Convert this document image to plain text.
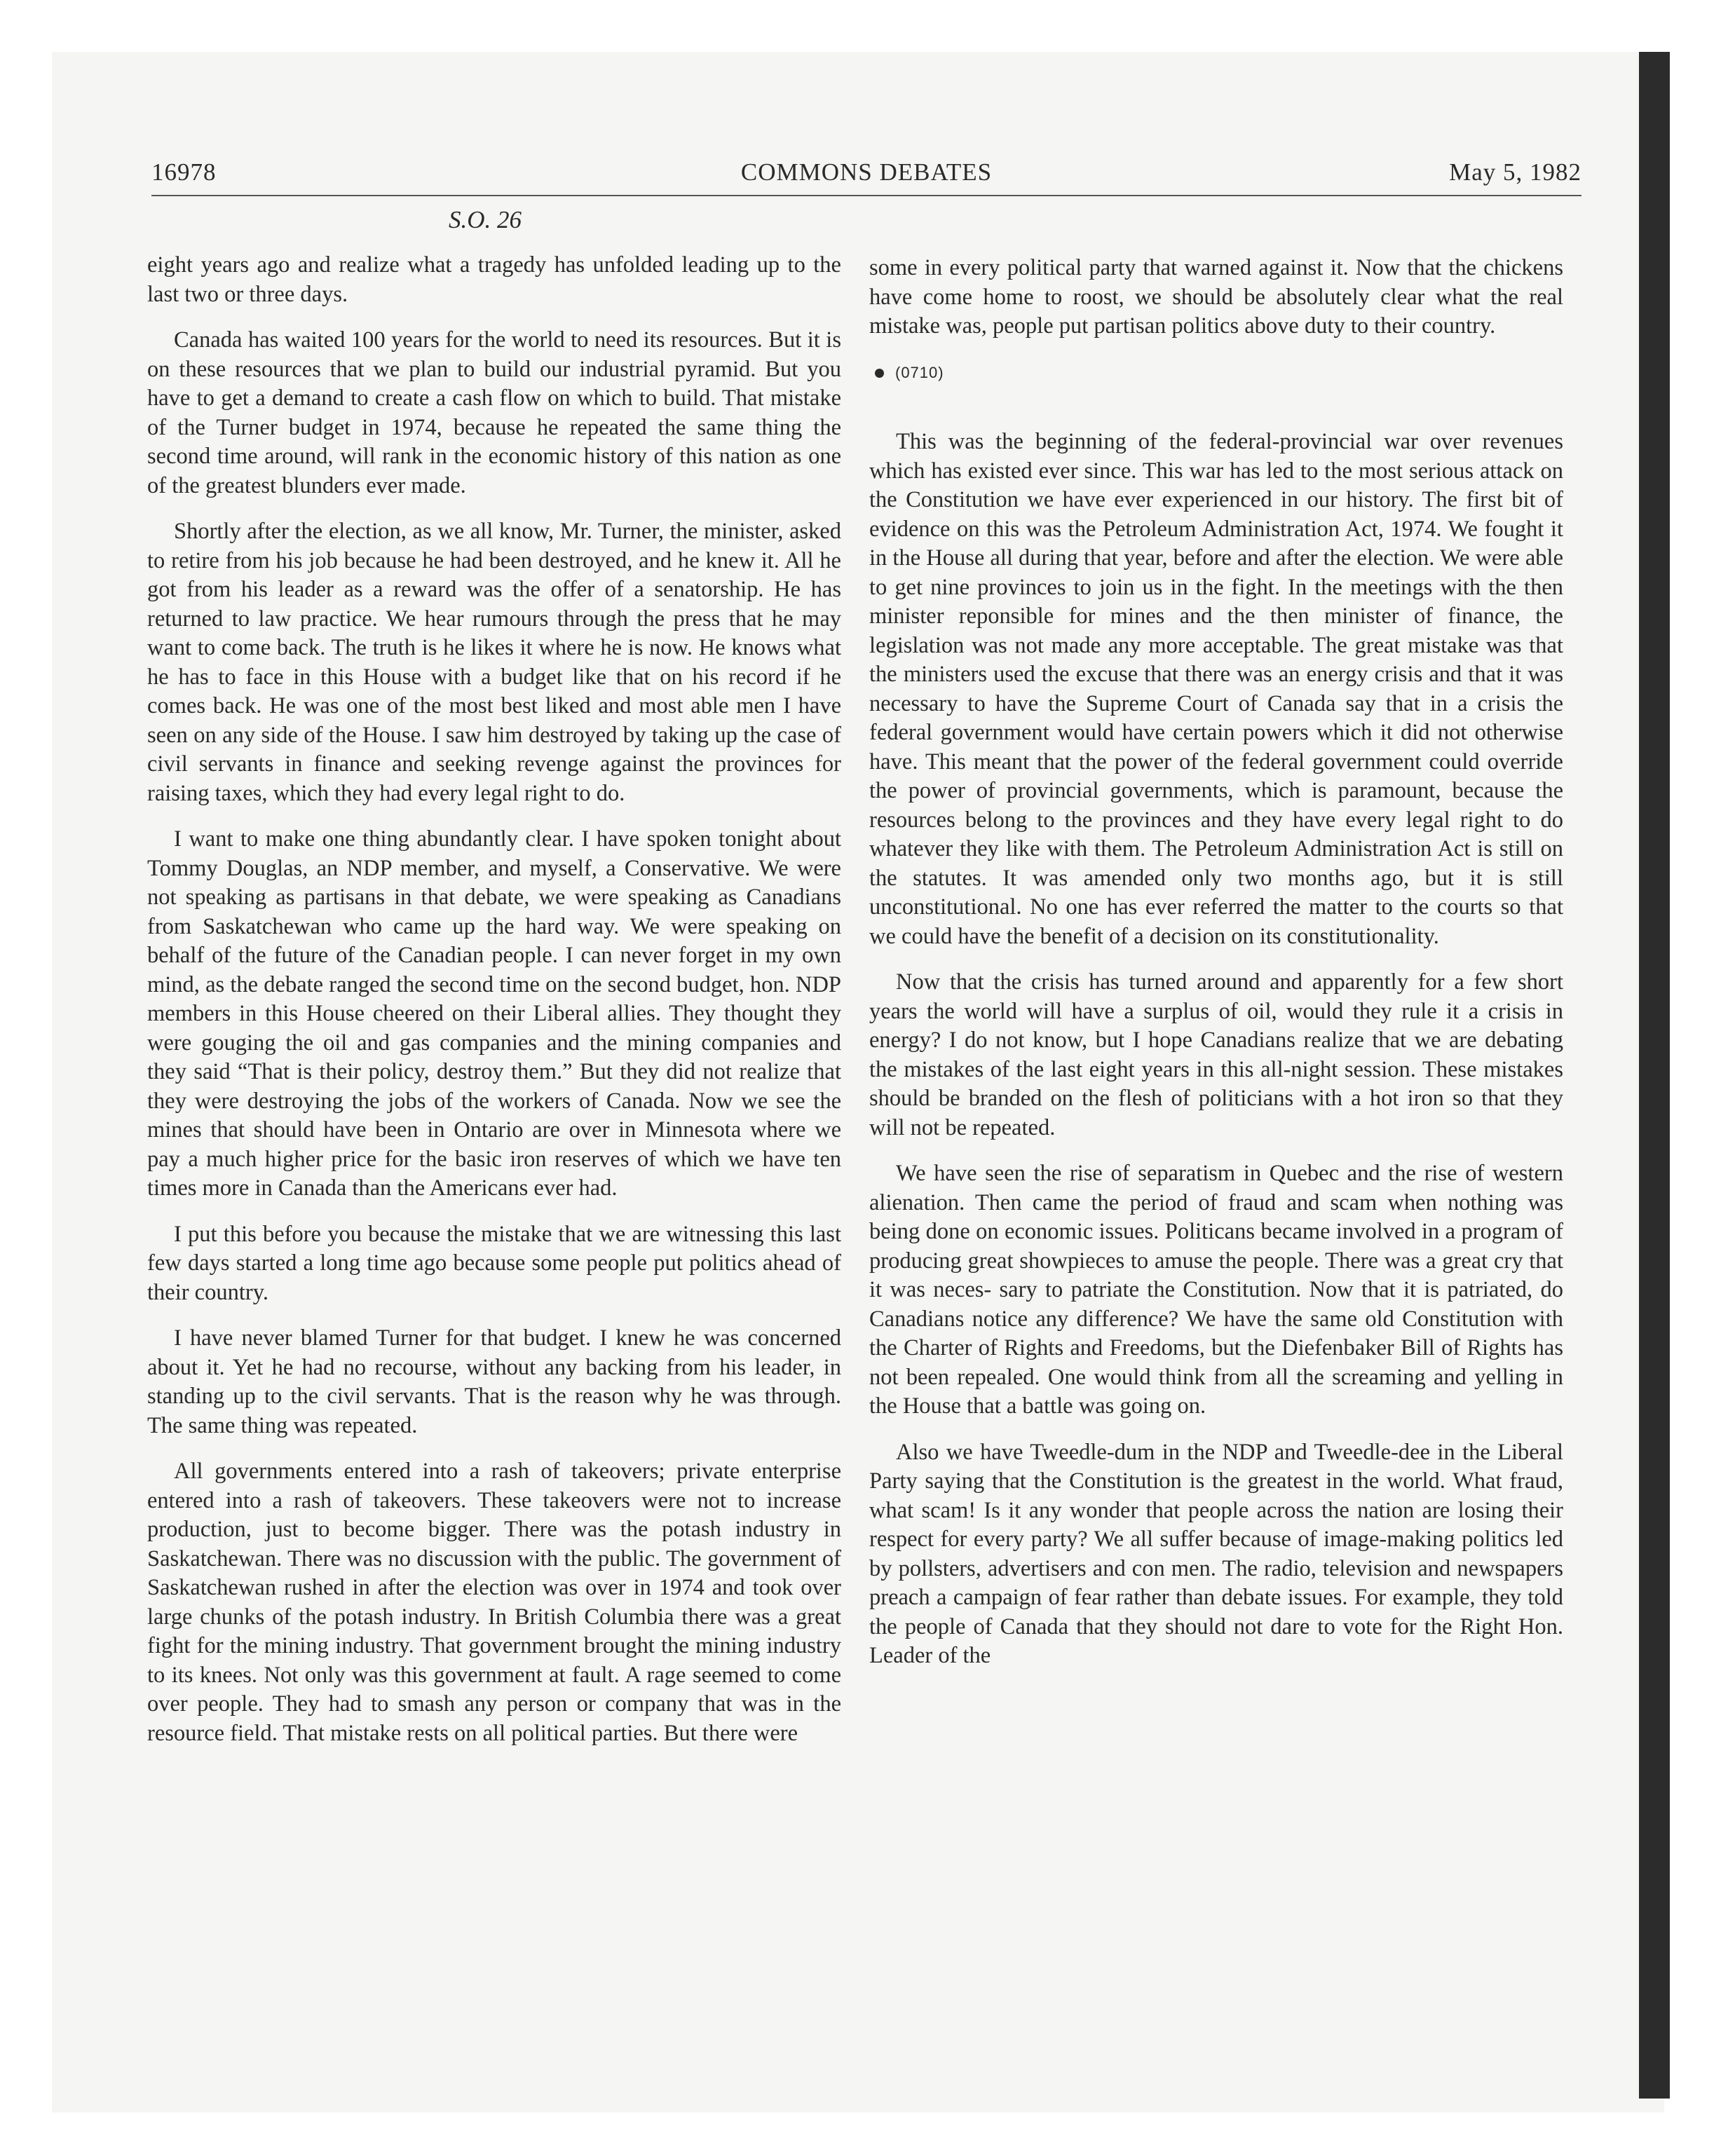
16978	COMMONS DEBATES	May 5, 1982
S.O. 26

eight years ago and realize what a tragedy has unfolded leading up to the last two or three days.

Canada has waited 100 years for the world to need its resources. But it is on these resources that we plan to build our industrial pyramid. But you have to get a demand to create a cash flow on which to build. That mistake of the Turner budget in 1974, because he repeated the same thing the second time around, will rank in the economic history of this nation as one of the greatest blunders ever made.

Shortly after the election, as we all know, Mr. Turner, the minister, asked to retire from his job because he had been destroyed, and he knew it. All he got from his leader as a reward was the offer of a senatorship. He has returned to law practice. We hear rumours through the press that he may want to come back. The truth is he likes it where he is now. He knows what he has to face in this House with a budget like that on his record if he comes back. He was one of the most best liked and most able men I have seen on any side of the House. I saw him destroyed by taking up the case of civil servants in finance and seeking revenge against the provinces for raising taxes, which they had every legal right to do.

I want to make one thing abundantly clear. I have spoken tonight about Tommy Douglas, an NDP member, and myself, a Conservative. We were not speaking as partisans in that debate, we were speaking as Canadians from Saskatchewan who came up the hard way. We were speaking on behalf of the future of the Canadian people. I can never forget in my own mind, as the debate ranged the second time on the second budget, hon. NDP members in this House cheered on their Liberal allies. They thought they were gouging the oil and gas companies and the mining companies and they said “That is their policy, destroy them.” But they did not realize that they were destroying the jobs of the workers of Canada. Now we see the mines that should have been in Ontario are over in Minnesota where we pay a much higher price for the basic iron reserves of which we have ten times more in Canada than the Americans ever had.

I put this before you because the mistake that we are witnessing this last few days started a long time ago because some people put politics ahead of their country.

I have never blamed Turner for that budget. I knew he was concerned about it. Yet he had no recourse, without any backing from his leader, in standing up to the civil servants. That is the reason why he was through. The same thing was repeated.

All governments entered into a rash of takeovers; private enterprise entered into a rash of takeovers. These takeovers were not to increase production, just to become bigger. There was the potash industry in Saskatchewan. There was no discussion with the public. The government of Saskatchewan rushed in after the election was over in 1974 and took over large chunks of the potash industry. In British Columbia there was a great fight for the mining industry. That government brought the mining industry to its knees. Not only was this government at fault. A rage seemed to come over people. They had to smash any person or company that was in the resource field. That mistake rests on all political parties. But there were

some in every political party that warned against it. Now that the chickens have come home to roost, we should be absolutely clear what the real mistake was, people put partisan politics above duty to their country.

(0710)

This was the beginning of the federal-provincial war over revenues which has existed ever since. This war has led to the most serious attack on the Constitution we have ever experienced in our history. The first bit of evidence on this was the Petroleum Administration Act, 1974. We fought it in the House all during that year, before and after the election. We were able to get nine provinces to join us in the fight. In the meetings with the then minister reponsible for mines and the then minister of finance, the legislation was not made any more acceptable. The great mistake was that the ministers used the excuse that there was an energy crisis and that it was necessary to have the Supreme Court of Canada say that in a crisis the federal government would have certain powers which it did not otherwise have. This meant that the power of the federal government could override the power of provincial governments, which is paramount, because the resources belong to the provinces and they have every legal right to do whatever they like with them. The Petroleum Administration Act is still on the statutes. It was amended only two months ago, but it is still unconstitutional. No one has ever referred the matter to the courts so that we could have the benefit of a decision on its constitutionality.

Now that the crisis has turned around and apparently for a few short years the world will have a surplus of oil, would they rule it a crisis in energy? I do not know, but I hope Canadians realize that we are debating the mistakes of the last eight years in this all-night session. These mistakes should be branded on the flesh of politicians with a hot iron so that they will not be repeated.

We have seen the rise of separatism in Quebec and the rise of western alienation. Then came the period of fraud and scam when nothing was being done on economic issues. Politicans became involved in a program of producing great showpieces to amuse the people. There was a great cry that it was neces- sary to patriate the Constitution. Now that it is patriated, do Canadians notice any difference? We have the same old Constitution with the Charter of Rights and Freedoms, but the Diefenbaker Bill of Rights has not been repealed. One would think from all the screaming and yelling in the House that a battle was going on.

Also we have Tweedle-dum in the NDP and Tweedle-dee in the Liberal Party saying that the Constitution is the greatest in the world. What fraud, what scam! Is it any wonder that people across the nation are losing their respect for every party? We all suffer because of image-making politics led by pollsters, advertisers and con men. The radio, television and newspapers preach a campaign of fear rather than debate issues. For example, they told the people of Canada that they should not dare to vote for the Right Hon. Leader of the
